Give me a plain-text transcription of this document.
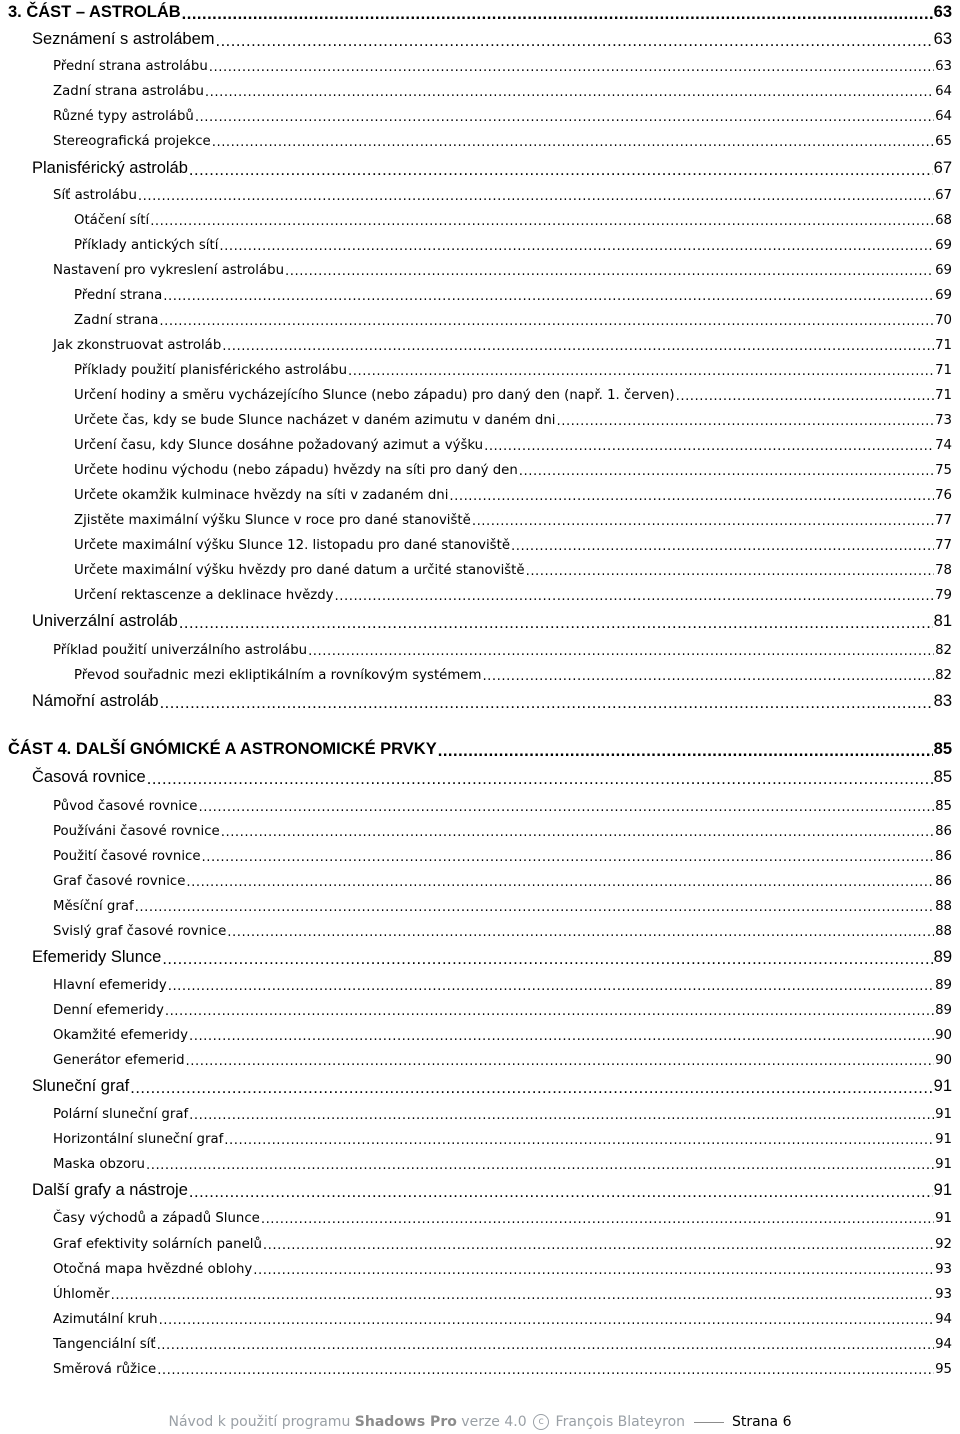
3. ČÁST – ASTROLÁB .....	63
Seznámení s astrolábem .....	63
Přední strana astrolábu .....	63
Zadní strana astrolábu .....	64
Různé typy astrolábů .....	64
Stereografická projekce .....	65
Planisférický astroláb .....	67
Síť astrolábu .....	67
Otáčení sítí .....	68
Příklady antických sítí .....	69
Nastavení pro vykreslení astrolábu .....	69
Přední strana .....	69
Zadní strana .....	70
Jak zkonstruovat astroláb .....	71
Příklady použití planisférického astrolábu .....	71
Určení hodiny a směru vycházejícího Slunce (nebo západu) pro daný den (např. 1. červen) .....	71
Určete čas, kdy se bude Slunce nacházet v daném azimutu v daném dni .....	73
Určení času, kdy Slunce dosáhne požadovaný azimut a výšku .....	74
Určete hodinu východu (nebo západu) hvězdy na síti pro daný den .....	75
Určete okamžik kulminace hvězdy na síti v zadaném dni .....	76
Zjistěte maximální výšku Slunce v roce pro dané stanoviště .....	77
Určete maximální výšku Slunce 12. listopadu pro dané stanoviště .....	77
Určete maximální výšku hvězdy pro dané datum a určité stanoviště .....	78
Určení rektascenze a deklinace hvězdy .....	79
Univerzální astroláb .....	81
Příklad použití univerzálního astrolábu .....	82
Převod souřadnic mezi ekliptikálním a rovníkovým systémem .....	82
Námořní astroláb .....	83
ČÁST 4. DALŠÍ GNÓMICKÉ A ASTRONOMICKÉ PRVKY .....	85
Časová rovnice .....	85
Původ časové rovnice .....	85
Používáni časové rovnice .....	86
Použití časové rovnice .....	86
Graf časové rovnice .....	86
Měsíční graf .....	88
Svislý graf časové rovnice .....	88
Efemeridy Slunce .....	89
Hlavní efemeridy .....	89
Denní efemeridy .....	89
Okamžité efemeridy .....	90
Generátor efemerid .....	90
Sluneční graf .....	91
Polární sluneční graf .....	91
Horizontální sluneční graf .....	91
Maska obzoru .....	91
Další grafy a nástroje .....	91
Časy východů a západů Slunce .....	91
Graf efektivity solárních panelů .....	92
Otočná mapa hvězdné oblohy .....	93
Úhloměr .....	93
Azimutální kruh .....	94
Tangenciální síť .....	94
Směrová růžice .....	95
Návod k použití programu Shadows Pro verze 4.0 c François Blateyron	Strana 6
